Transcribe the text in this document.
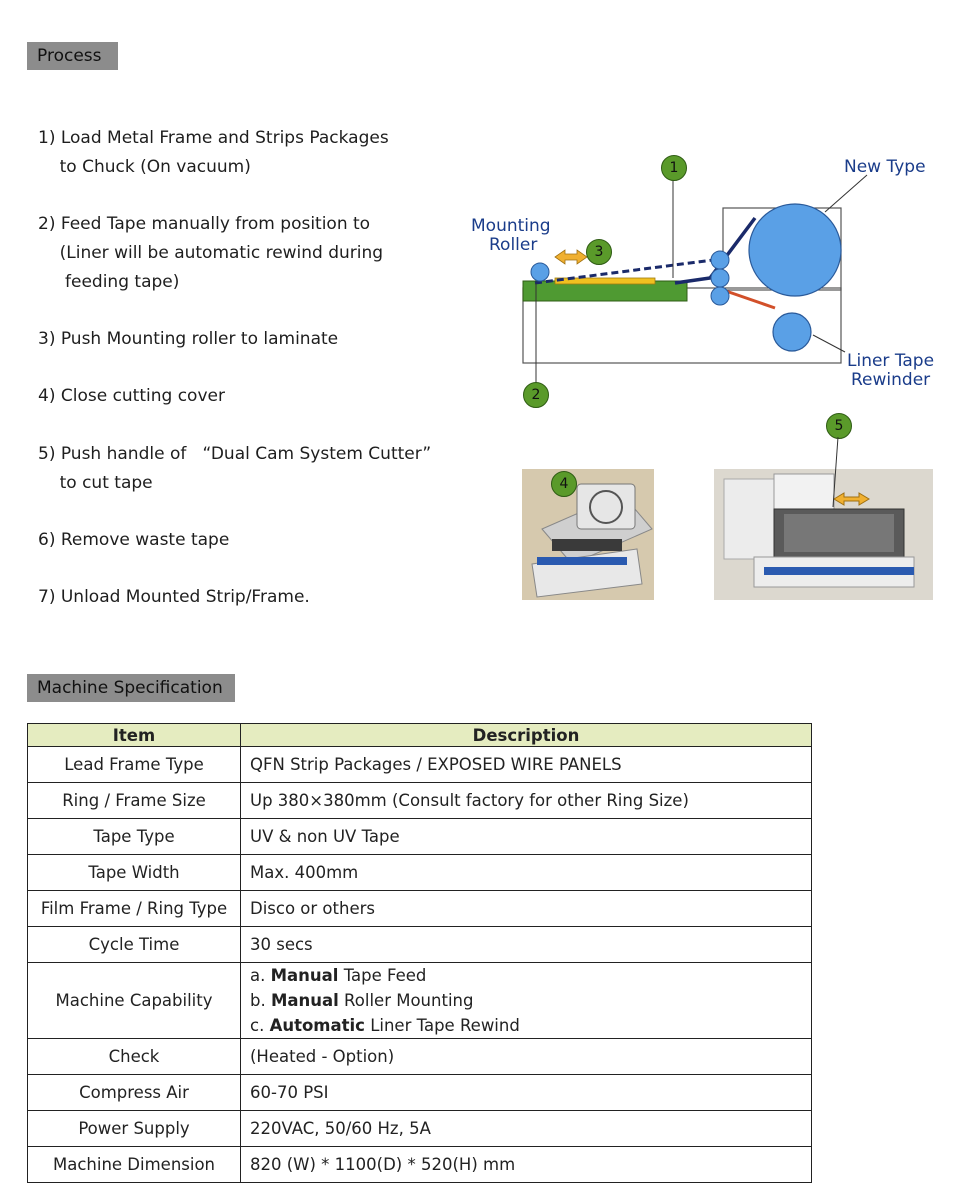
Process
1) Load Metal Frame and Strips Packages
to Chuck (On vacuum)
2) Feed Tape manually from position to
(Liner will be automatic rewind during
feeding tape)
3) Push Mounting roller to laminate
4) Close cutting cover
5) Push handle of   “Dual Cam System Cutter”
to cut tape
6) Remove waste tape
7) Unload Mounted Strip/Frame.
New Type
Mounting
Roller
Liner Tape
Rewinder
1
2
3
4
5
Machine Specification
Item	Description
Lead Frame Type	QFN Strip Packages / EXPOSED WIRE PANELS
Ring / Frame Size	Up 380×380mm (Consult factory for other Ring Size)
Tape Type	UV & non UV Tape
Tape Width	Max. 400mm
Film Frame / Ring Type	Disco or others
Cycle Time	30 secs
Machine Capability	a. Manual Tape Feed
b. Manual Roller Mounting
c. Automatic Liner Tape Rewind

Check	(Heated - Option)
Compress Air	60-70 PSI
Power Supply	220VAC, 50/60 Hz, 5A
Machine Dimension	820 (W) * 1100(D) * 520(H) mm
